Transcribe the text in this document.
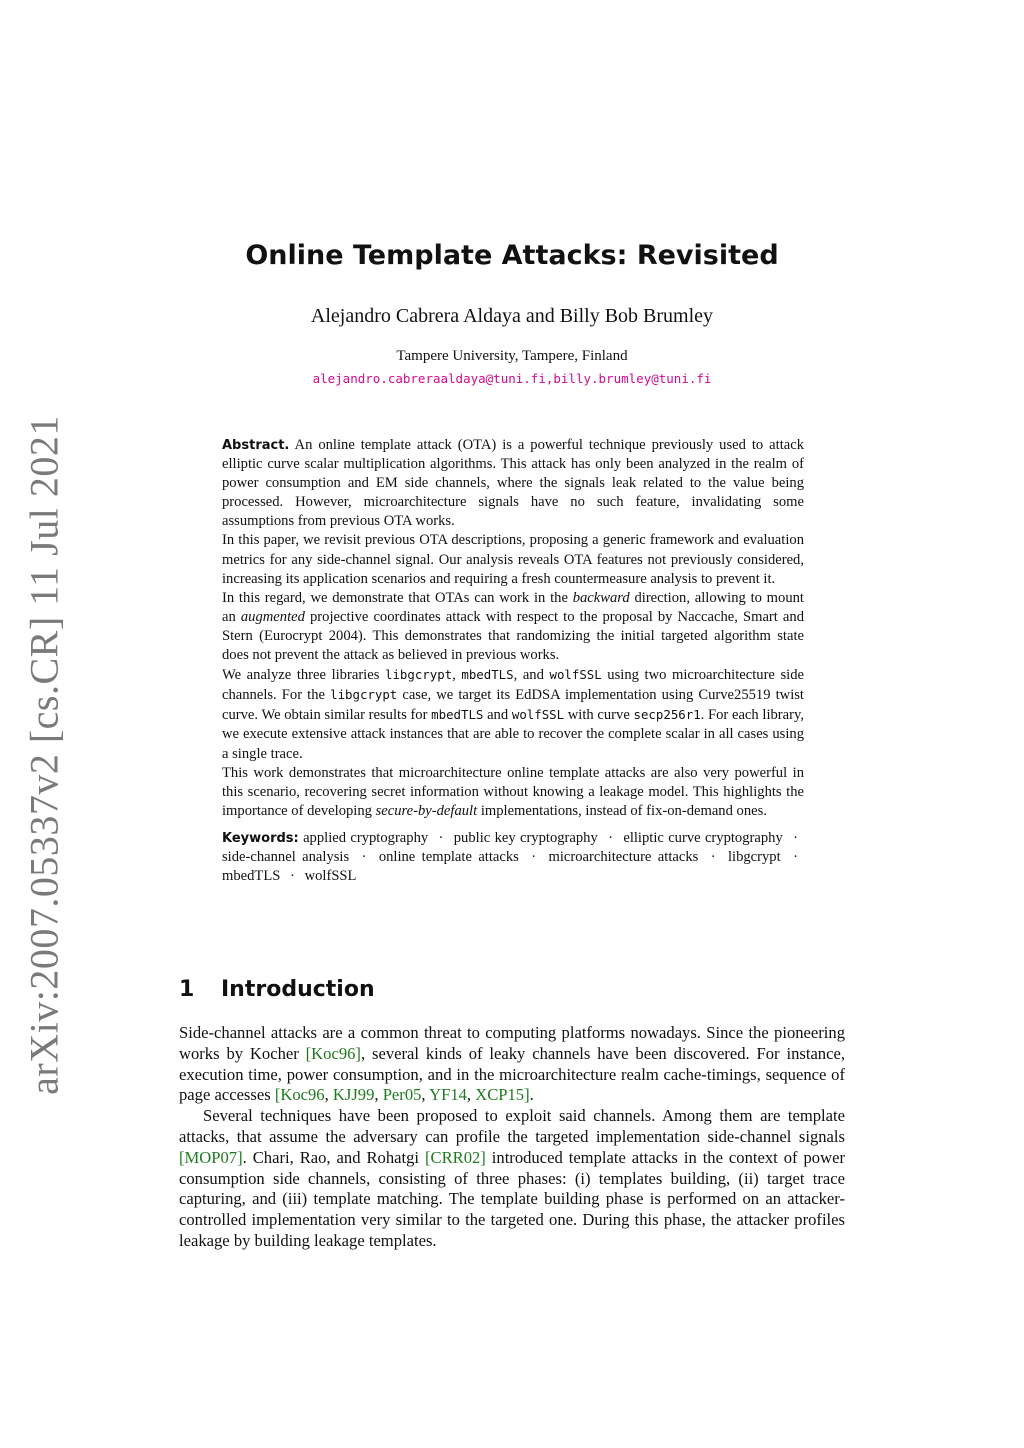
arXiv:2007.05337v2 [cs.CR] 11 Jul 2021
Online Template Attacks: Revisited
Alejandro Cabrera Aldaya and Billy Bob Brumley
Tampere University, Tampere, Finland
alejandro.cabreraaldaya@tuni.fi,billy.brumley@tuni.fi

Abstract. An online template attack (OTA) is a powerful technique previously used to attack elliptic curve scalar multiplication algorithms. This attack has only been analyzed in the realm of power consumption and EM side channels, where the signals leak related to the value being processed. However, microarchitecture signals have no such feature, invalidating some assumptions from previous OTA works.

In this paper, we revisit previous OTA descriptions, proposing a generic framework and evaluation metrics for any side-channel signal. Our analysis reveals OTA features not previously considered, increasing its application scenarios and requiring a fresh countermeasure analysis to prevent it.

In this regard, we demonstrate that OTAs can work in the backward direction, allowing to mount an augmented projective coordinates attack with respect to the proposal by Naccache, Smart and Stern (Eurocrypt 2004). This demonstrates that randomizing the initial targeted algorithm state does not prevent the attack as believed in previous works.

We analyze three libraries libgcrypt, mbedTLS, and wolfSSL using two microarchitecture side channels. For the libgcrypt case, we target its EdDSA implementation using Curve25519 twist curve. We obtain similar results for mbedTLS and wolfSSL with curve secp256r1. For each library, we execute extensive attack instances that are able to recover the complete scalar in all cases using a single trace.

This work demonstrates that microarchitecture online template attacks are also very powerful in this scenario, recovering secret information without knowing a leakage model. This highlights the importance of developing secure-by-default implementations, instead of fix-on-demand ones.

Keywords: applied cryptography · public key cryptography · elliptic curve cryptography · side-channel analysis · online template attacks · microarchitecture attacks · libgcrypt · mbedTLS · wolfSSL

1 Introduction

Side-channel attacks are a common threat to computing platforms nowadays. Since the pioneering works by Kocher [Koc96], several kinds of leaky channels have been discovered. For instance, execution time, power consumption, and in the microarchitecture realm cache-timings, sequence of page accesses [Koc96, KJJ99, Per05, YF14, XCP15].

Several techniques have been proposed to exploit said channels. Among them are template attacks, that assume the adversary can profile the targeted implementation side-channel signals [MOP07]. Chari, Rao, and Rohatgi [CRR02] introduced template attacks in the context of power consumption side channels, consisting of three phases: (i) templates building, (ii) target trace capturing, and (iii) template matching. The template building phase is performed on an attacker-controlled implementation very similar to the targeted one. During this phase, the attacker profiles leakage by building leakage templates.
